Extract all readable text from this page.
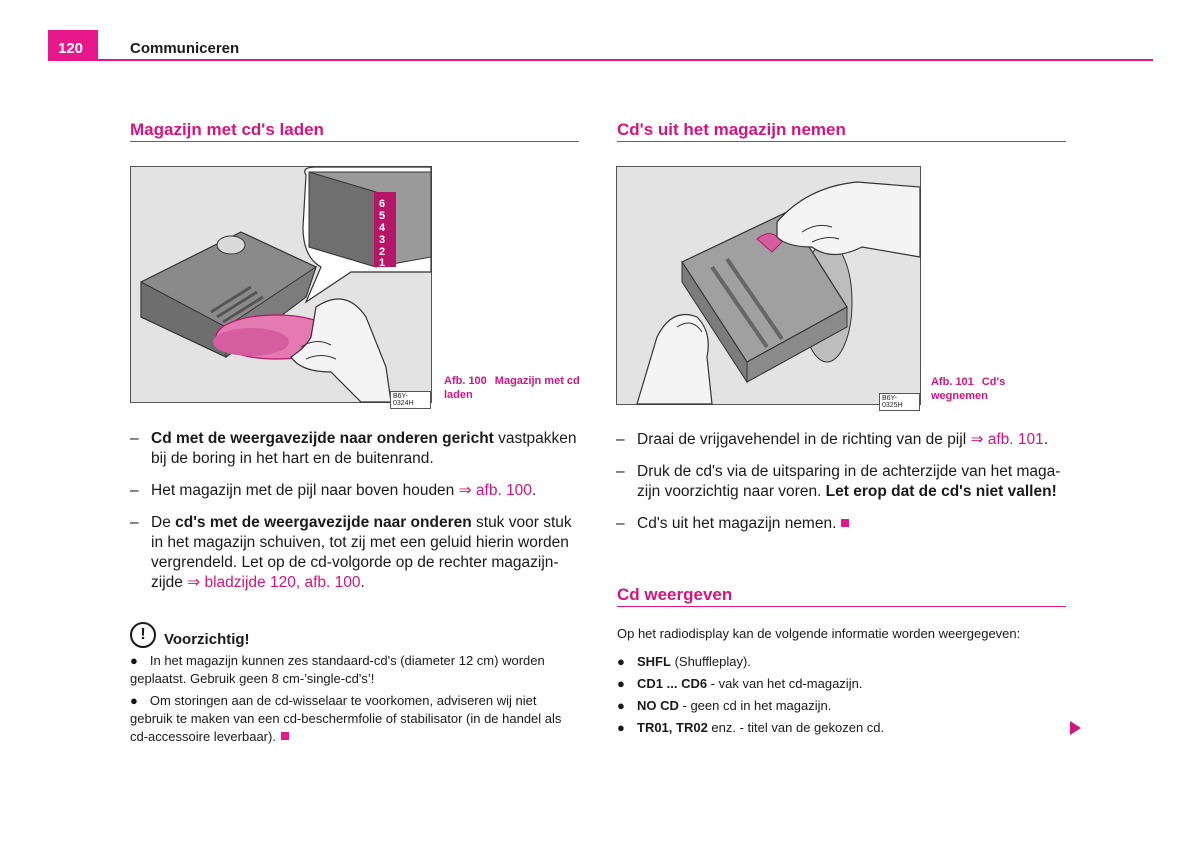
120	Communiceren
Magazijn met cd's laden
6
5
4
3
2
1
B6Y-0324H
Afb. 100 Magazijn met cd laden
– Cd met de weergavezijde naar onderen gericht vastpakken bij de boring in het hart en de buitenrand.
– Het magazijn met de pijl naar boven houden ⇒ afb. 100.
– De cd's met de weergavezijde naar onderen stuk voor stuk in het magazijn schuiven, tot zij met een geluid hierin worden vergrendeld. Let op de cd-volgorde op de rechter magazijn-zijde ⇒ bladzijde 120, afb. 100.
!	Voorzichtig!
● In het magazijn kunnen zes standaard-cd's (diameter 12 cm) worden geplaatst. Gebruik geen 8 cm-’single-cd's’!
● Om storingen aan de cd-wisselaar te voorkomen, adviseren wij niet gebruik te maken van een cd-beschermfolie of stabilisator (in de handel als cd-accessoire leverbaar).
Cd's uit het magazijn nemen
B6Y-0325H
Afb. 101 Cd's wegnemen
– Draai de vrijgavehendel in de richting van de pijl ⇒ afb. 101.
– Druk de cd's via de uitsparing in de achterzijde van het maga-zijn voorzichtig naar voren. Let erop dat de cd's niet vallen!
– Cd's uit het magazijn nemen.
Cd weergeven
Op het radiodisplay kan de volgende informatie worden weergegeven:
● SHFL (Shuffleplay).
● CD1 ... CD6 - vak van het cd-magazijn.
● NO CD - geen cd in het magazijn.
● TR01, TR02 enz. - titel van de gekozen cd.
